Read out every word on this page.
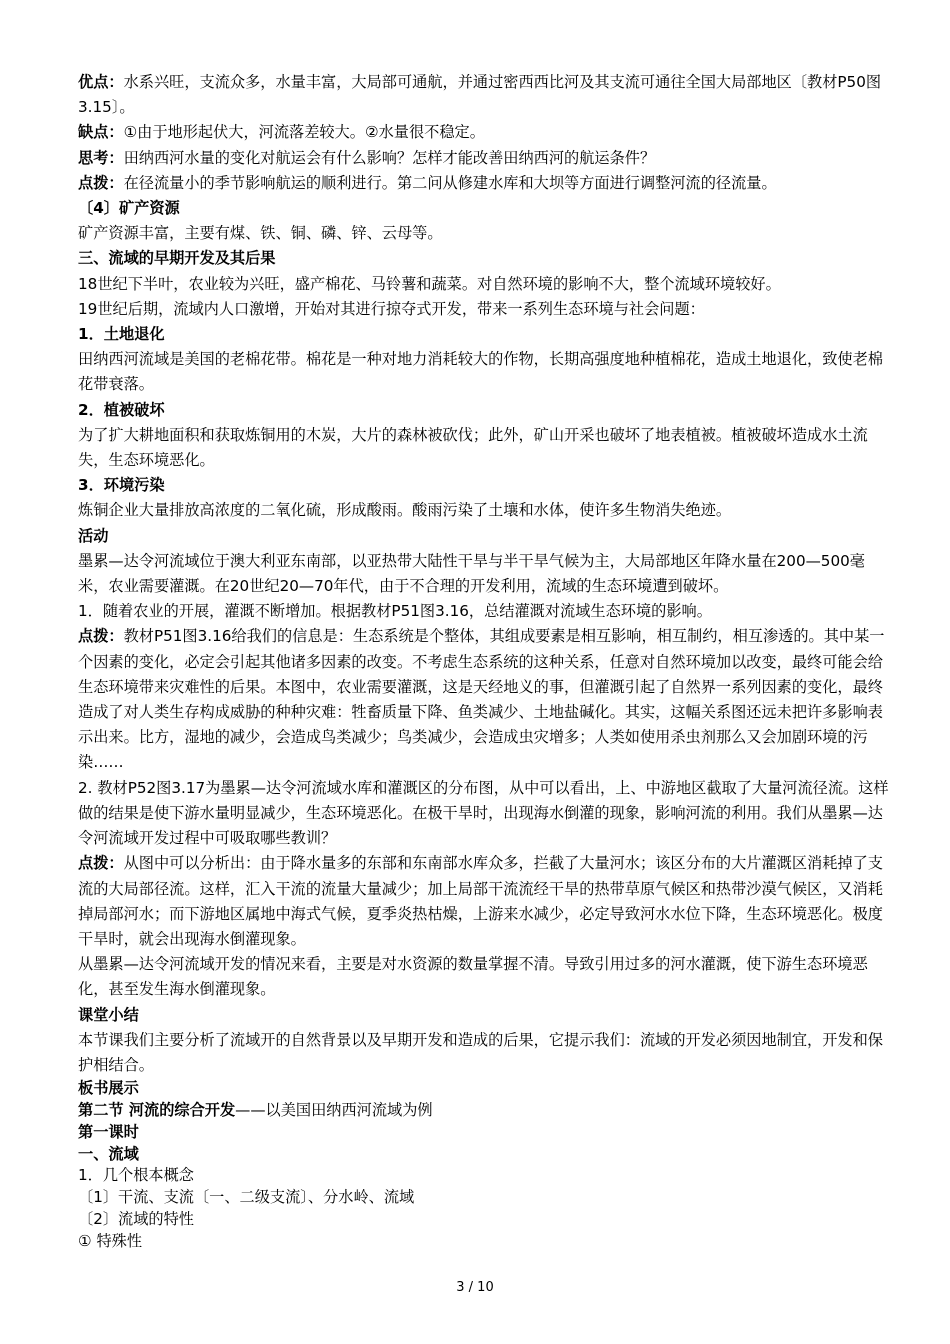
优点：水系兴旺，支流众多，水量丰富，大局部可通航，并通过密西西比河及其支流可通往全国大局部地区〔教材P50图3.15〕。

缺点：①由于地形起伏大，河流落差较大。②水量很不稳定。

思考：田纳西河水量的变化对航运会有什么影响？怎样才能改善田纳西河的航运条件？

点拨：在径流量小的季节影响航运的顺利进行。第二问从修建水库和大坝等方面进行调整河流的径流量。

〔4〕矿产资源

矿产资源丰富，主要有煤、铁、铜、磷、锌、云母等。

三、流域的早期开发及其后果

18世纪下半叶，农业较为兴旺，盛产棉花、马铃薯和蔬菜。对自然环境的影响不大，整个流域环境较好。

19世纪后期，流域内人口激增，开始对其进行掠夺式开发，带来一系列生态环境与社会问题：

1．土地退化

田纳西河流域是美国的老棉花带。棉花是一种对地力消耗较大的作物，长期高强度地种植棉花，造成土地退化，致使老棉花带衰落。

2．植被破坏

为了扩大耕地面积和获取炼铜用的木炭，大片的森林被砍伐；此外，矿山开采也破坏了地表植被。植被破坏造成水土流失，生态环境恶化。

3．环境污染

炼铜企业大量排放高浓度的二氧化硫，形成酸雨。酸雨污染了土壤和水体，使许多生物消失绝迹。

活动

墨累—达令河流域位于澳大利亚东南部，以亚热带大陆性干旱与半干旱气候为主，大局部地区年降水量在200—500毫米，农业需要灌溉。在20世纪20—70年代，由于不合理的开发利用，流域的生态环境遭到破坏。

1．随着农业的开展，灌溉不断增加。根据教材P51图3.16，总结灌溉对流域生态环境的影响。

点拨：教材P51图3.16给我们的信息是：生态系统是个整体，其组成要素是相互影响，相互制约，相互渗透的。其中某一个因素的变化，必定会引起其他诸多因素的改变。不考虑生态系统的这种关系，任意对自然环境加以改变，最终可能会给生态环境带来灾难性的后果。本图中，农业需要灌溉，这是天经地义的事，但灌溉引起了自然界一系列因素的变化，最终造成了对人类生存构成威胁的种种灾难：牲畜质量下降、鱼类减少、土地盐碱化。其实，这幅关系图还远未把许多影响表示出来。比方，湿地的减少，会造成鸟类减少；鸟类减少，会造成虫灾增多；人类如使用杀虫剂那么又会加剧环境的污染……

2. 教材P52图3.17为墨累—达令河流域水库和灌溉区的分布图，从中可以看出，上、中游地区截取了大量河流径流。这样做的结果是使下游水量明显减少，生态环境恶化。在极干旱时，出现海水倒灌的现象，影响河流的利用。我们从墨累—达令河流域开发过程中可吸取哪些教训？

点拨：从图中可以分析出：由于降水量多的东部和东南部水库众多，拦截了大量河水；该区分布的大片灌溉区消耗掉了支流的大局部径流。这样，汇入干流的流量大量减少；加上局部干流流经干旱的热带草原气候区和热带沙漠气候区，又消耗掉局部河水；而下游地区属地中海式气候，夏季炎热枯燥，上游来水减少，必定导致河水水位下降，生态环境恶化。极度干旱时，就会出现海水倒灌现象。

从墨累—达令河流域开发的情况来看，主要是对水资源的数量掌握不清。导致引用过多的河水灌溉，使下游生态环境恶化，甚至发生海水倒灌现象。

课堂小结

本节课我们主要分析了流域开的自然背景以及早期开发和造成的后果，它提示我们：流域的开发必须因地制宜，开发和保护相结合。

板书展示

第二节 河流的综合开发——以美国田纳西河流域为例

第一课时

一、流域

1．几个根本概念

〔1〕干流、支流〔一、二级支流〕、分水岭、流域

〔2〕流域的特性

① 特殊性

3 / 10
